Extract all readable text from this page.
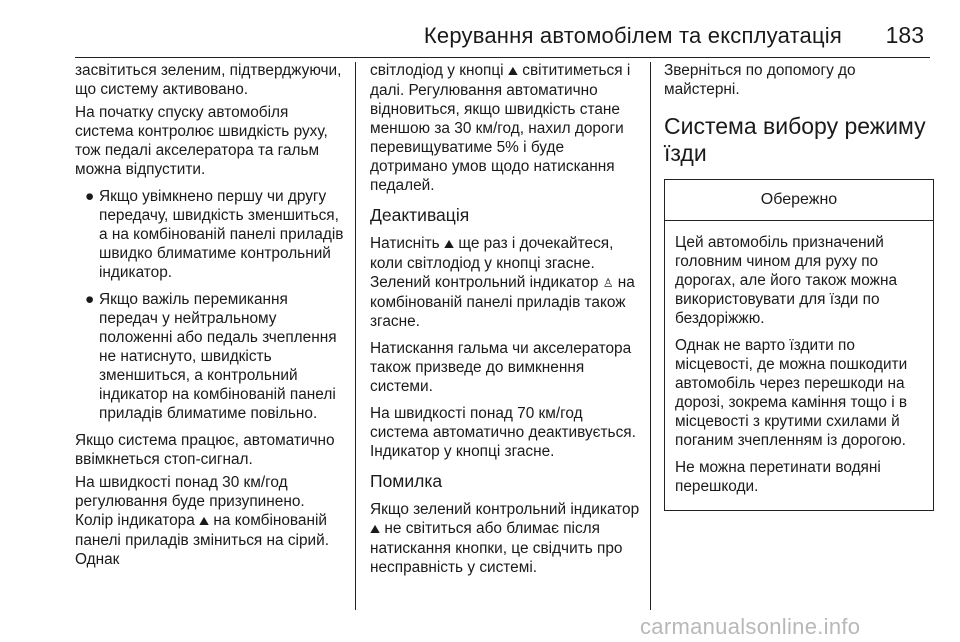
Керування автомобілем та експлуатація 183

засвітиться зеленим, підтверджуючи, що систему активовано.

На початку спуску автомобіля система контролює швидкість руху, тож педалі акселератора та гальм можна відпустити.

● Якщо увімкнено першу чи другу передачу, швидкість зменшиться, а на комбінованій панелі приладів швидко блиматиме контрольний індикатор.
● Якщо важіль перемикання передач у нейтральному положенні або педаль зчеплення не натиснуто, швидкість зменшиться, а контрольний індикатор на комбінованій панелі приладів блиматиме повільно.

Якщо система працює, автоматично ввімкнеться стоп-сигнал.

На швидкості понад 30 км/год регулювання буде призупинено. Колір індикатора ⛰ на комбінованій панелі приладів зміниться на сірий. Однак

світлодіод у кнопці ⛰ світитиметься і далі. Регулювання автоматично відновиться, якщо швидкість стане меншою за 30 км/год, нахил дороги перевищуватиме 5% і буде дотримано умов щодо натискання педалей.

Деактивація

Натисніть ⛰ ще раз і дочекайтеся, коли світлодіод у кнопці згасне. Зелений контрольний індикатор ♙ на комбінованій панелі приладів також згасне.

Натискання гальма чи акселератора також призведе до вимкнення системи.

На швидкості понад 70 км/год система автоматично деактивується. Індикатор у кнопці згасне.

Помилка

Якщо зелений контрольний індикатор ⛰ не світиться або блимає після натискання кнопки, це свідчить про несправність у системі.

Зверніться по допомогу до майстерні.

Система вибору режиму їзди
Обережно

Цей автомобіль призначений головним чином для руху по дорогах, але його також можна використовувати для їзди по бездоріжжю.

Однак не варто їздити по місцевості, де можна пошкодити автомобіль через перешкоди на дорозі, зокрема каміння тощо і в місцевості з крутими схилами й поганим зчепленням із дорогою.

Не можна перетинати водяні перешкоди.

carmanualsonline.info
